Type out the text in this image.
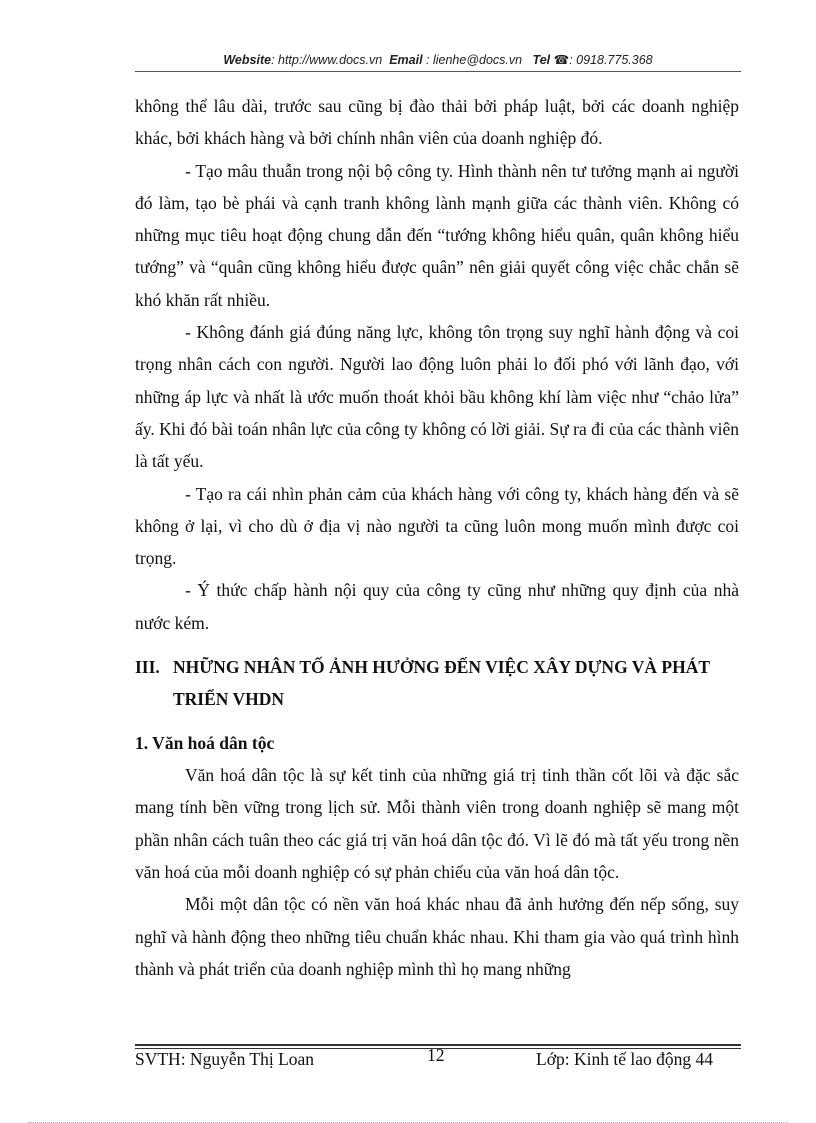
Website: http://www.docs.vn Email : lienhe@docs.vn Tel ☎: 0918.775.368

không thể lâu dài, trước sau cũng bị đào thải bởi pháp luật, bởi các doanh nghiệp khác, bởi khách hàng và bởi chính nhân viên của doanh nghiệp đó.

- Tạo mâu thuẫn trong nội bộ công ty. Hình thành nên tư tưởng mạnh ai người đó làm, tạo bè phái và cạnh tranh không lành mạnh giữa các thành viên. Không có những mục tiêu hoạt động chung dẫn đến “tướng không hiểu quân, quân không hiểu tướng” và “quân cũng không hiểu được quân” nên giải quyết công việc chắc chắn sẽ khó khăn rất nhiều.

- Không đánh giá đúng năng lực, không tôn trọng suy nghĩ hành động và coi trọng nhân cách con người. Người lao động luôn phải lo đối phó với lãnh đạo, với những áp lực và nhất là ước muốn thoát khỏi bầu không khí làm việc như “chảo lửa” ấy. Khi đó bài toán nhân lực của công ty không có lời giải. Sự ra đi của các thành viên là tất yếu.

- Tạo ra cái nhìn phản cảm của khách hàng với công ty, khách hàng đến và sẽ không ở lại, vì cho dù ở địa vị nào người ta cũng luôn mong muốn mình được coi trọng.

- Ý thức chấp hành nội quy của công ty cũng như những quy định của nhà nước kém.

III. NHỮNG NHÂN TỐ ẢNH HƯỞNG ĐẾN VIỆC XÂY DỰNG VÀ PHÁT TRIỂN VHDN
1. Văn hoá dân tộc

Văn hoá dân tộc là sự kết tinh của những giá trị tinh thần cốt lõi và đặc sắc mang tính bền vững trong lịch sử. Mỗi thành viên trong doanh nghiệp sẽ mang một phần nhân cách tuân theo các giá trị văn hoá dân tộc đó. Vì lẽ đó mà tất yếu trong nền văn hoá của mỗi doanh nghiệp có sự phản chiếu của văn hoá dân tộc.

Mỗi một dân tộc có nền văn hoá khác nhau đã ảnh hưởng đến nếp sống, suy nghĩ và hành động theo những tiêu chuẩn khác nhau. Khi tham gia vào quá trình hình thành và phát triển của doanh nghiệp mình thì họ mang những

SVTH: Nguyễn Thị Loan	12	Lớp: Kinh tế lao động 44
